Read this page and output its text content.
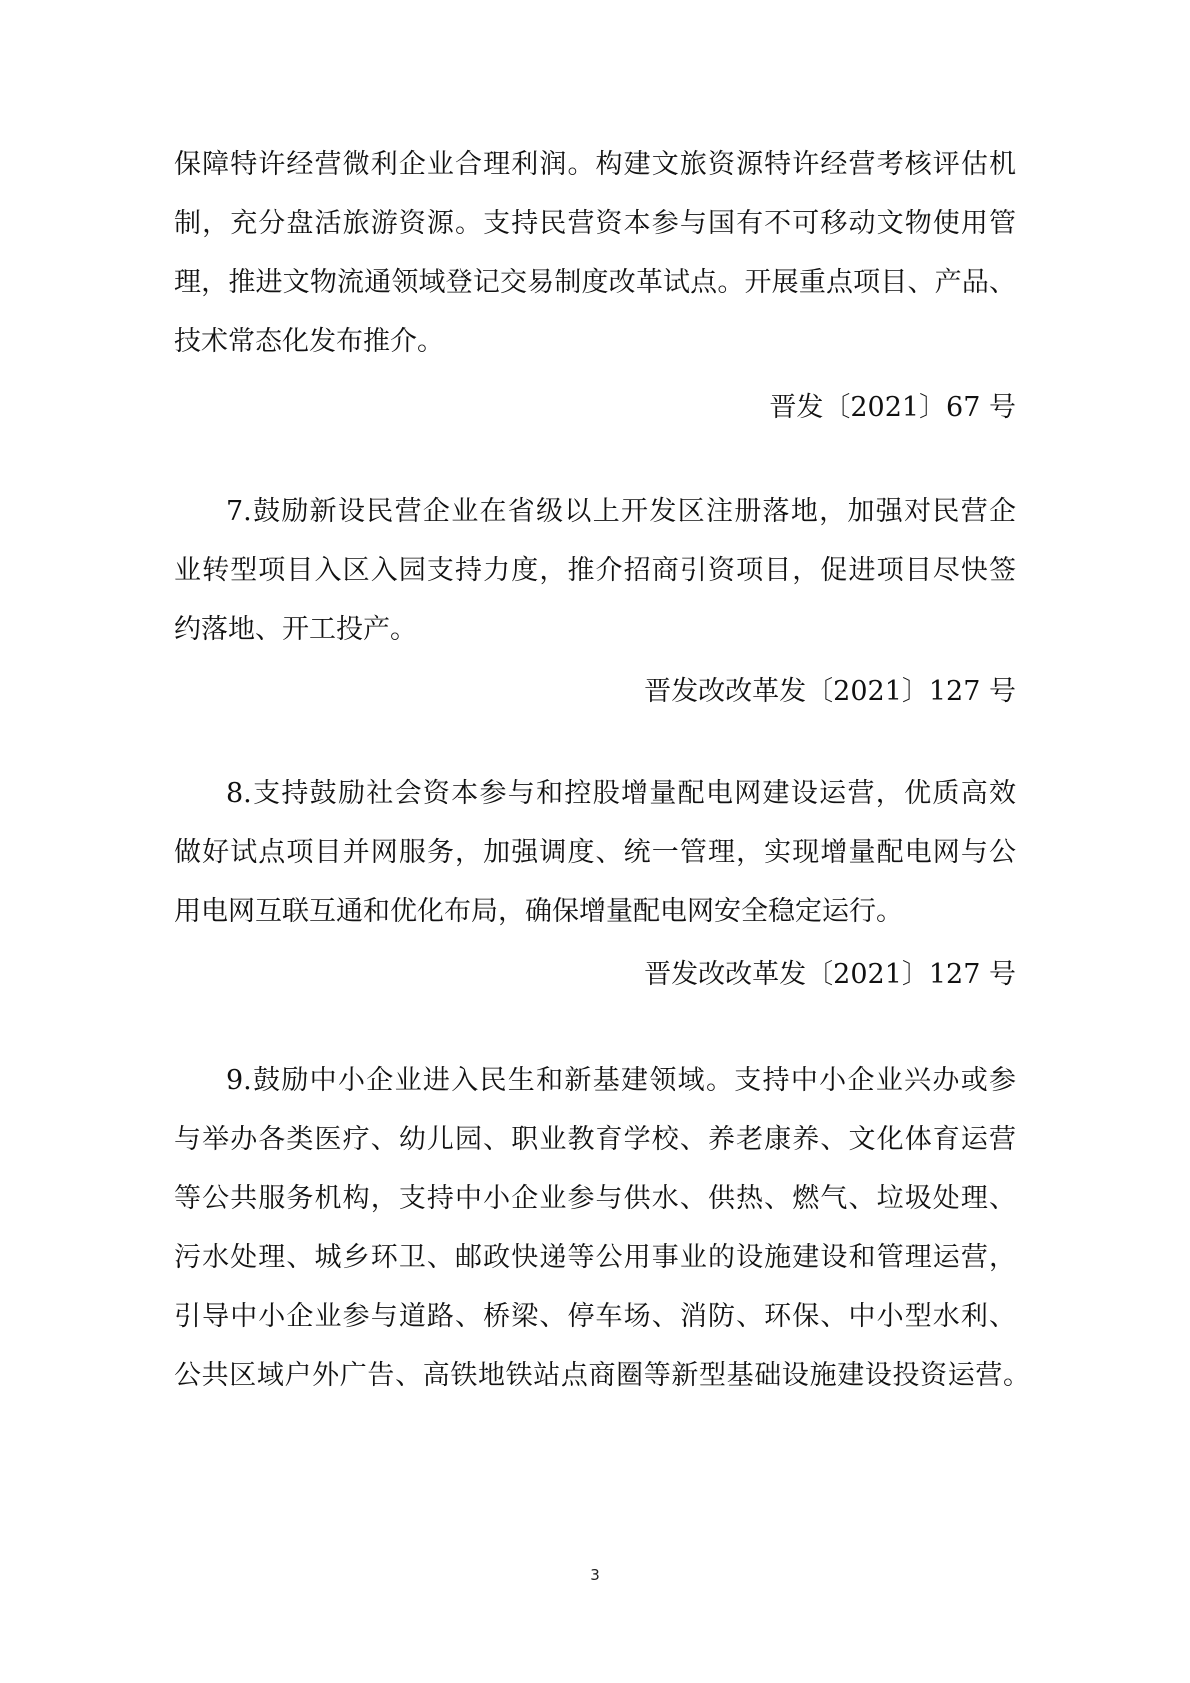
保障特许经营微利企业合理利润。构建文旅资源特许经营考核评估机
制，充分盘活旅游资源。支持民营资本参与国有不可移动文物使用管
理，推进文物流通领域登记交易制度改革试点。开展重点项目、产品、
技术常态化发布推介。
晋发〔2021〕67 号
7.鼓励新设民营企业在省级以上开发区注册落地，加强对民营企
业转型项目入区入园支持力度，推介招商引资项目，促进项目尽快签
约落地、开工投产。
晋发改改革发〔2021〕127 号
8.支持鼓励社会资本参与和控股增量配电网建设运营，优质高效
做好试点项目并网服务，加强调度、统一管理，实现增量配电网与公
用电网互联互通和优化布局，确保增量配电网安全稳定运行。
晋发改改革发〔2021〕127 号
9.鼓励中小企业进入民生和新基建领域。支持中小企业兴办或参
与举办各类医疗、幼儿园、职业教育学校、养老康养、文化体育运营
等公共服务机构，支持中小企业参与供水、供热、燃气、垃圾处理、
污水处理、城乡环卫、邮政快递等公用事业的设施建设和管理运营，
引导中小企业参与道路、桥梁、停车场、消防、环保、中小型水利、
公共区域户外广告、高铁地铁站点商圈等新型基础设施建设投资运营。
3
